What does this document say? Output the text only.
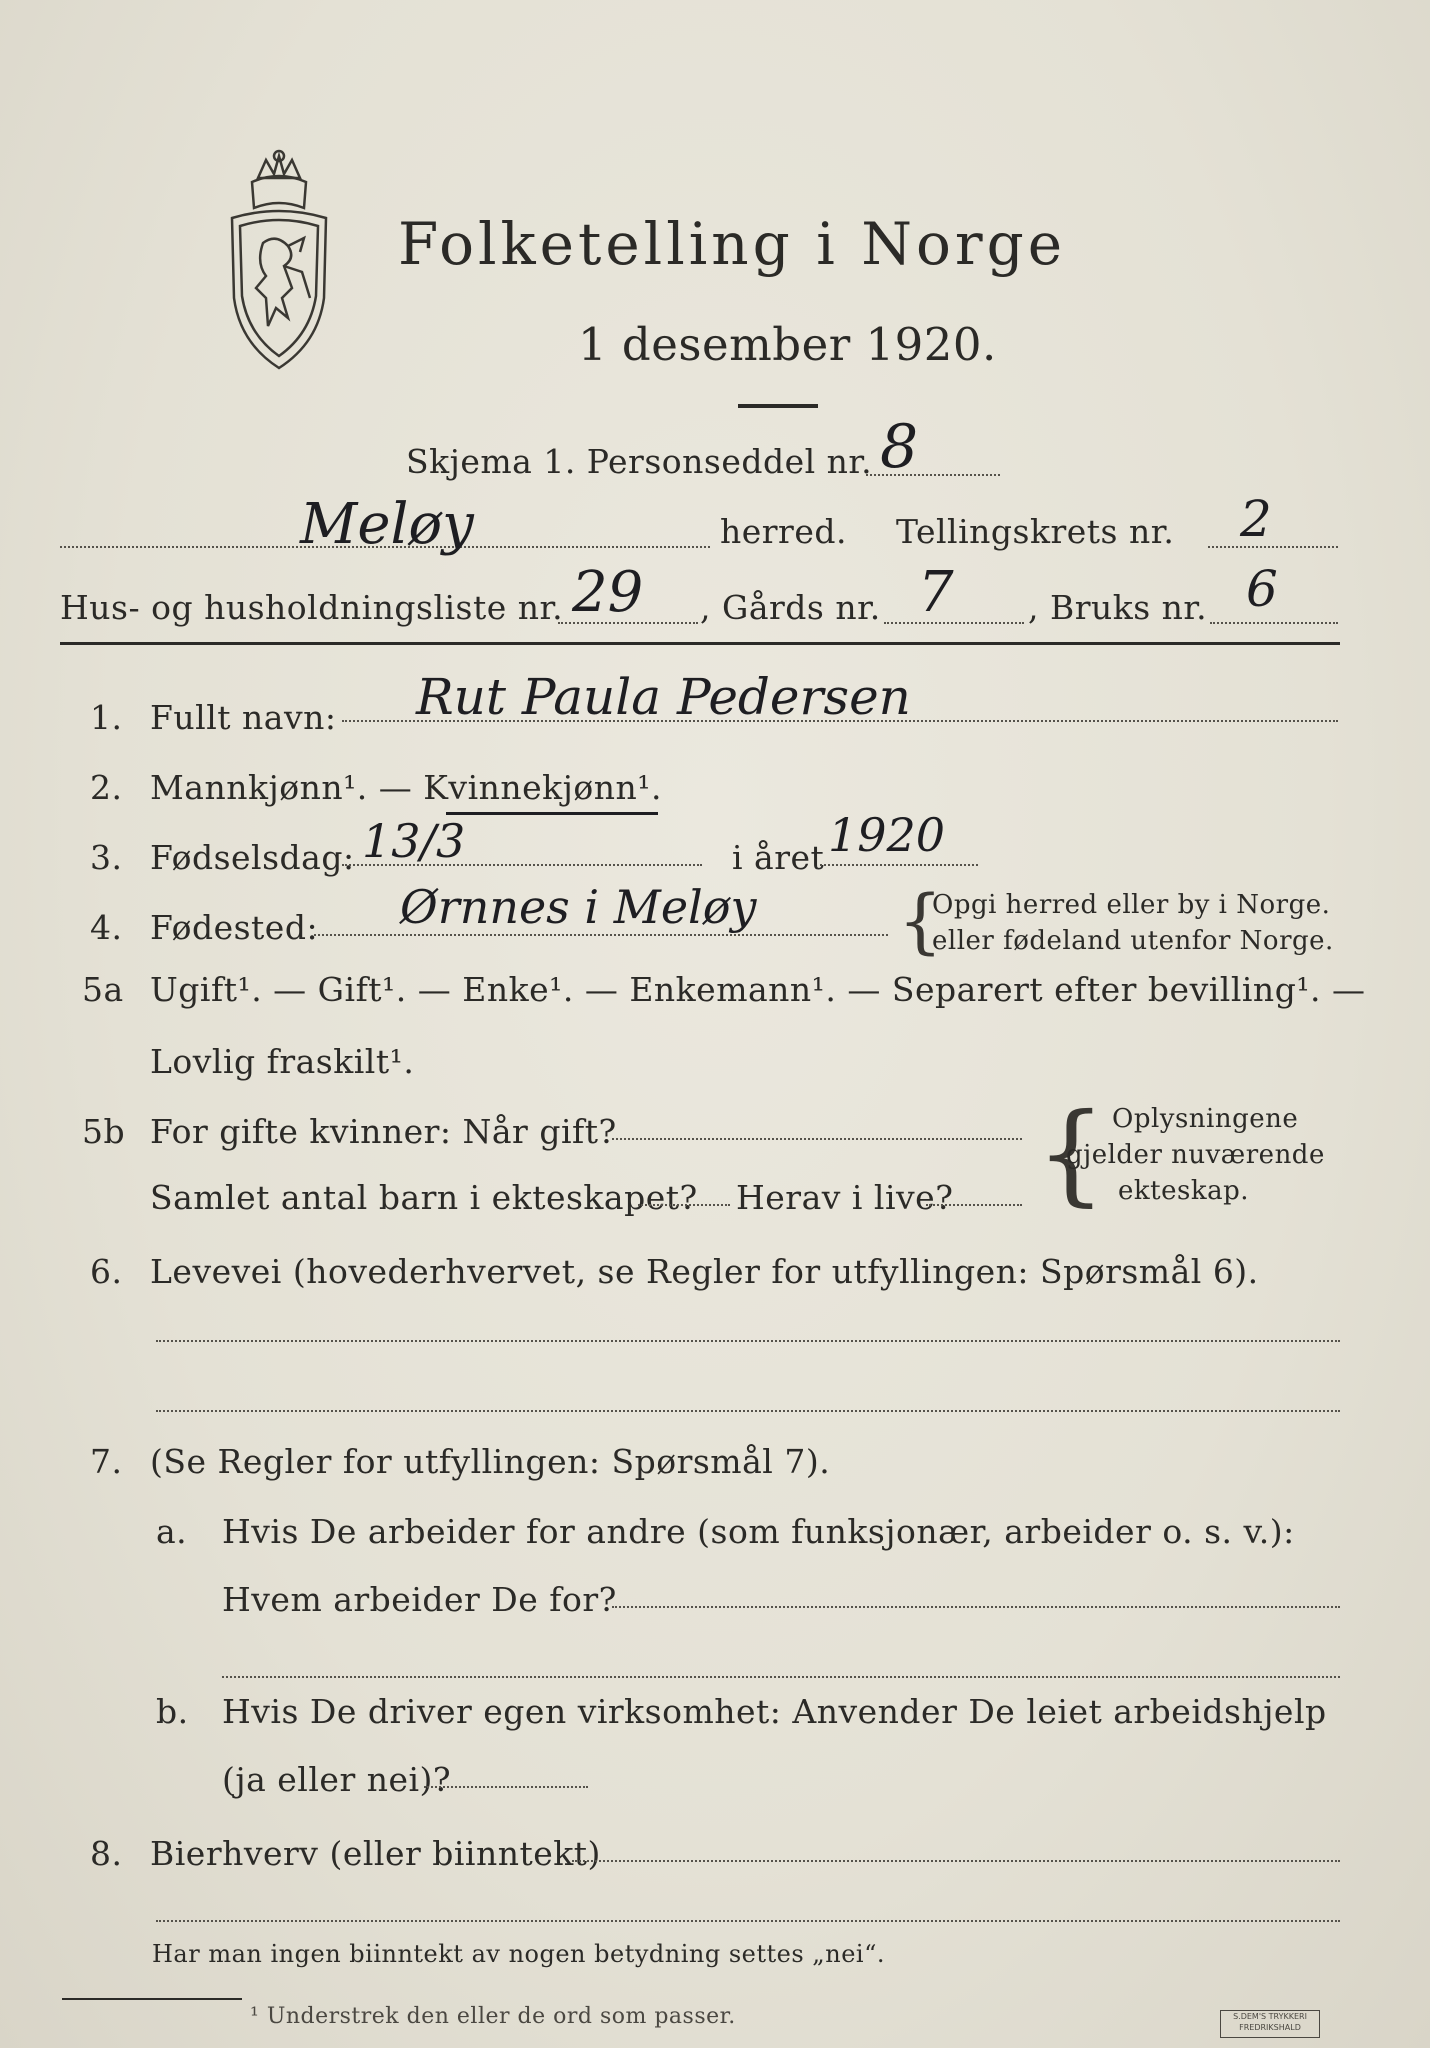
Folketelling i Norge
1 desember 1920.
Skjema 1. Personseddel nr. 8
Meløy	herred. Tellingskrets nr. 2
Hus- og husholdningsliste nr. 29 , Gårds nr. 7 , Bruks nr. 6
1. Fullt navn: Rut Paula Pedersen
2. Mannkjønn¹. — Kvinnekjønn¹.
3. Fødselsdag: 13/3	i året 1920
4. Fødested: Ørnnes i Meløy {
Opgi herred eller by i Norge.
eller fødeland utenfor Norge.
5a Ugift¹. — Gift¹. — Enke¹. — Enkemann¹. — Separert efter bevilling¹. —
Lovlig fraskilt¹.
5b For gifte kvinner: Når gift?
Samlet antal barn i ekteskapet? Herav i live? { Oplysningene
gjelder nuværende
ekteskap.
6. Levevei (hovederhvervet, se Regler for utfyllingen: Spørsmål 6).
7. (Se Regler for utfyllingen: Spørsmål 7).
a. Hvis De arbeider for andre (som funksjonær, arbeider o. s. v.):
Hvem arbeider De for?
b. Hvis De driver egen virksomhet: Anvender De leiet arbeidshjelp
(ja eller nei)?
8. Bierhverv (eller biinntekt)
Har man ingen biinntekt av nogen betydning settes „nei“.
¹ Understrek den eller de ord som passer.	S.DEM'S TRYKKERI
FREDRIKSHALD
